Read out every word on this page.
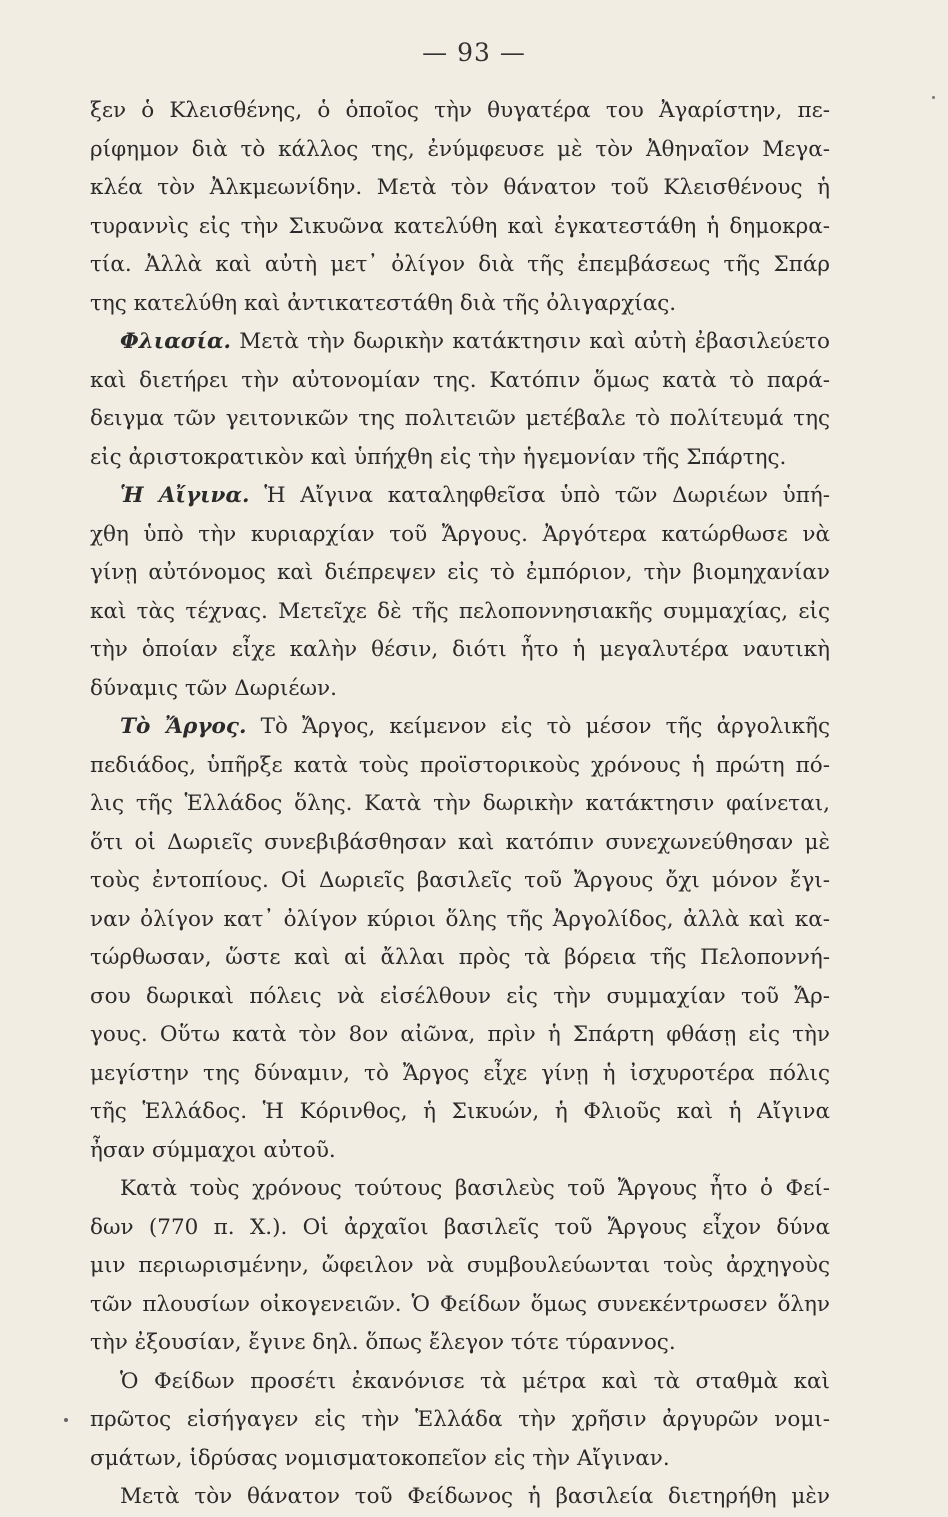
— 93 —
ξεν ὁ Κλεισθένης, ὁ ὁποῖος τὴν θυγατέρα του Ἀγαρίστην, πε-
ρίφημον διὰ τὸ κάλλος της, ἐνύμφευσε μὲ τὸν Ἀθηναῖον Μεγα-
κλέα τὸν Ἀλκμεωνίδην. Μετὰ τὸν θάνατον τοῦ Κλεισθένους ἡ
τυραννὶς εἰς τὴν Σικυῶνα κατελύθη καὶ ἐγκατεστάθη ἡ δημοκρα-
τία. Ἀλλὰ καὶ αὐτὴ μετ᾿ ὀλίγον διὰ τῆς ἐπεμβάσεως τῆς Σπάρ
της κατελύθη καὶ ἀντικατεστάθη διὰ τῆς ὀλιγαρχίας.
Φλιασία. Μετὰ τὴν δωρικὴν κατάκτησιν καὶ αὐτὴ ἐβασιλεύετο
καὶ διετήρει τὴν αὐτονομίαν της. Κατόπιν ὅμως κατὰ τὸ παρά-
δειγμα τῶν γειτονικῶν της πολιτειῶν μετέβαλε τὸ πολίτευμά της
εἰς ἀριστοκρατικὸν καὶ ὑπήχθη εἰς τὴν ἡγεμονίαν τῆς Σπάρτης.
Ἡ Αἴγινα. Ἡ Αἴγινα καταληφθεῖσα ὑπὸ τῶν Δωριέων ὑπή-
χθη ὑπὸ τὴν κυριαρχίαν τοῦ Ἄργους. Ἀργότερα κατώρθωσε νὰ
γίνῃ αὐτόνομος καὶ διέπρεψεν εἰς τὸ ἐμπόριον, τὴν βιομηχανίαν
καὶ τὰς τέχνας. Μετεῖχε δὲ τῆς πελοποννησιακῆς συμμαχίας, εἰς
τὴν ὁποίαν εἶχε καλὴν θέσιν, διότι ἦτο ἡ μεγαλυτέρα ναυτικὴ
δύναμις τῶν Δωριέων.
Τὸ Ἄργος. Τὸ Ἄργος, κείμενον εἰς τὸ μέσον τῆς ἀργολικῆς
πεδιάδος, ὑπῆρξε κατὰ τοὺς προϊστορικοὺς χρόνους ἡ πρώτη πό-
λις τῆς Ἑλλάδος ὅλης. Κατὰ τὴν δωρικὴν κατάκτησιν φαίνεται,
ὅτι οἱ Δωριεῖς συνεβιβάσθησαν καὶ κατόπιν συνεχωνεύθησαν μὲ
τοὺς ἐντοπίους. Οἱ Δωριεῖς βασιλεῖς τοῦ Ἄργους ὄχι μόνον ἔγι-
ναν ὀλίγον κατ᾿ ὀλίγον κύριοι ὅλης τῆς Ἀργολίδος, ἀλλὰ καὶ κα-
τώρθωσαν, ὥστε καὶ αἱ ἄλλαι πρὸς τὰ βόρεια τῆς Πελοποννή-
σου δωρικαὶ πόλεις νὰ εἰσέλθουν εἰς τὴν συμμαχίαν τοῦ Ἄρ-
γους. Οὕτω κατὰ τὸν 8ον αἰῶνα, πρὶν ἡ Σπάρτη φθάσῃ εἰς τὴν
μεγίστην της δύναμιν, τὸ Ἄργος εἶχε γίνῃ ἡ ἰσχυροτέρα πόλις
τῆς Ἑλλάδος. Ἡ Κόρινθος, ἡ Σικυών, ἡ Φλιοῦς καὶ ἡ Αἴγινα
ἦσαν σύμμαχοι αὐτοῦ.
Κατὰ τοὺς χρόνους τούτους βασιλεὺς τοῦ Ἄργους ἦτο ὁ Φεί-
δων (770 π. Χ.). Οἱ ἀρχαῖοι βασιλεῖς τοῦ Ἄργους εἶχον δύνα
μιν περιωρισμένην, ὤφειλον νὰ συμβουλεύωνται τοὺς ἀρχηγοὺς
τῶν πλουσίων οἰκογενειῶν. Ὁ Φείδων ὅμως συνεκέντρωσεν ὅλην
τὴν ἐξουσίαν, ἔγινε δηλ. ὅπως ἔλεγον τότε τύραννος.
Ὁ Φείδων προσέτι ἐκανόνισε τὰ μέτρα καὶ τὰ σταθμὰ καὶ
πρῶτος εἰσήγαγεν εἰς τὴν Ἑλλάδα τὴν χρῆσιν ἀργυρῶν νομι-
σμάτων, ἱδρύσας νομισματοκοπεῖον εἰς τὴν Αἴγιναν.
Μετὰ τὸν θάνατον τοῦ Φείδωνος ἡ βασιλεία διετηρήθη μὲν
